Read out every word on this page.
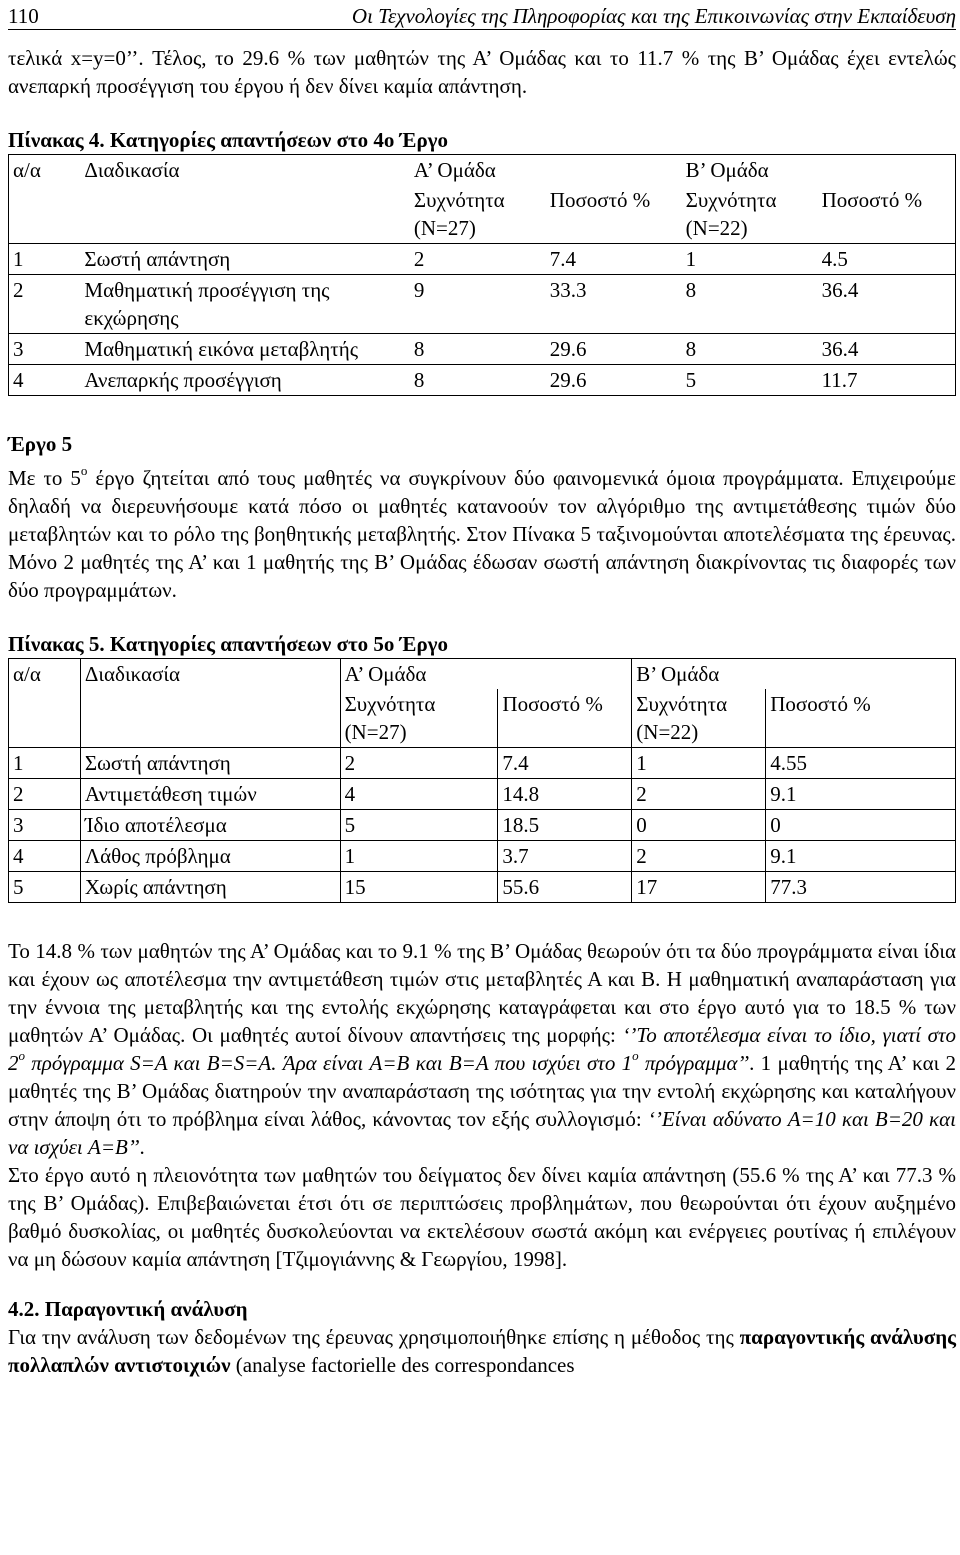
110	Οι Τεχνολογίες της Πληροφορίας και της Επικοινωνίας στην Εκπαίδευση

τελικά x=y=0’’. Τέλος, το 29.6 % των μαθητών της Α’ Ομάδας και το 11.7 % της Β’ Ομάδας έχει εντελώς ανεπαρκή προσέγγιση του έργου ή δεν δίνει καμία απάντηση.

Πίνακας 4. Κατηγορίες απαντήσεων στο 4ο Έργο

α/α	Διαδικασία	Α’ Ομάδα		Β’ Ομάδα	
		Συχνότητα (N=27)	Ποσοστό %	Συχνότητα (N=22)	Ποσοστό %
1	Σωστή απάντηση	2	7.4	1	4.5
2	Μαθηματική προσέγγιση της εκχώρησης	9	33.3	8	36.4
3	Μαθηματική εικόνα μεταβλητής	8	29.6	8	36.4
4	Ανεπαρκής προσέγγιση	8	29.6	5	11.7

Έργο 5

Με το $5^o$ έργο ζητείται από τους μαθητές να συγκρίνουν δύο φαινομενικά όμοια προγράμματα. Επιχειρούμε δηλαδή να διερευνήσουμε κατά πόσο οι μαθητές κατανοούν τον αλγόριθμο της αντιμετάθεσης τιμών δύο μεταβλητών και το ρόλο της βοηθητικής μεταβλητής. Στον Πίνακα 5 ταξινομούνται αποτελέσματα της έρευνας. Μόνο 2 μαθητές της Α’ και 1 μαθητής της Β’ Ομάδας έδωσαν σωστή απάντηση διακρίνοντας τις διαφορές των δύο προγραμμάτων.

Πίνακας 5. Κατηγορίες απαντήσεων στο 5ο Έργο

α/α	Διαδικασία	Α’ Ομάδα		Β’ Ομάδα	
		Συχνότητα (N=27)	Ποσοστό %	Συχνότητα (N=22)	Ποσοστό %
1	Σωστή απάντηση	2	7.4	1	4.55
2	Αντιμετάθεση τιμών	4	14.8	2	9.1
3	Ίδιο αποτέλεσμα	5	18.5	0	0
4	Λάθος πρόβλημα	1	3.7	2	9.1
5	Χωρίς απάντηση	15	55.6	17	77.3

Το 14.8 % των μαθητών της Α’ Ομάδας και το 9.1 % της Β’ Ομάδας θεωρούν ότι τα δύο προγράμματα είναι ίδια και έχουν ως αποτέλεσμα την αντιμετάθεση τιμών στις μεταβλητές Α και Β. Η μαθηματική αναπαράσταση για την έννοια της μεταβλητής και της εντολής εκχώρησης καταγράφεται και στο έργο αυτό για το 18.5 % των μαθητών Α’ Ομάδας. Οι μαθητές αυτοί δίνουν απαντήσεις της μορφής: ‘’Το αποτέλεσμα είναι το ίδιο, γιατί στο $2^o$ πρόγραμμα S=A και B=S=A. Άρα είναι A=B και B=A που ισχύει στο $1^o$ πρόγραμμα’’. 1 μαθητής της Α’ και 2 μαθητές της Β’ Ομάδας διατηρούν την αναπαράσταση της ισότητας για την εντολή εκχώρησης και καταλήγουν στην άποψη ότι το πρόβλημα είναι λάθος, κάνοντας τον εξής συλλογισμό: ‘’Είναι αδύνατο A=10 και B=20 και να ισχύει A=B’’.

Στο έργο αυτό η πλειονότητα των μαθητών του δείγματος δεν δίνει καμία απάντηση (55.6 % της Α’ και 77.3 % της Β’ Ομάδας). Επιβεβαιώνεται έτσι ότι σε περιπτώσεις προβλημάτων, που θεωρούνται ότι έχουν αυξημένο βαθμό δυσκολίας, οι μαθητές δυσκολεύονται να εκτελέσουν σωστά ακόμη και ενέργειες ρουτίνας ή επιλέγουν να μη δώσουν καμία απάντηση [Τζιμογιάννης & Γεωργίου, 1998].

4.2. Παραγοντική ανάλυση

Για την ανάλυση των δεδομένων της έρευνας χρησιμοποιήθηκε επίσης η μέθοδος της παραγοντικής ανάλυσης πολλαπλών αντιστοιχιών (analyse factorielle des correspondances
